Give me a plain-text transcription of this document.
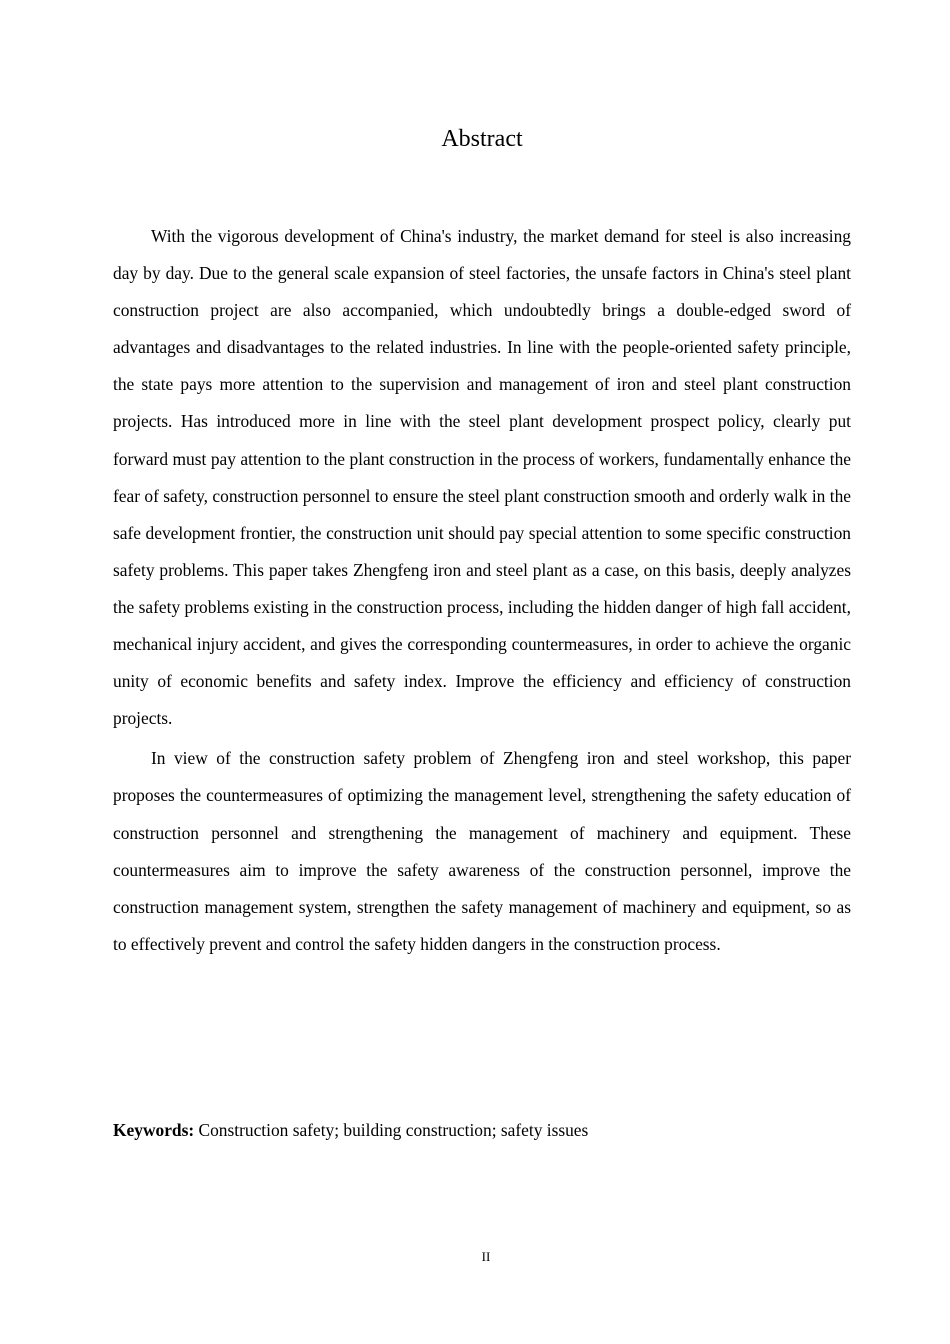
Abstract

With the vigorous development of China's industry, the market demand for steel is also increasing day by day. Due to the general scale expansion of steel factories, the unsafe factors in China's steel plant construction project are also accompanied, which undoubtedly brings a double-edged sword of advantages and disadvantages to the related industries. In line with the people-oriented safety principle, the state pays more attention to the supervision and management of iron and steel plant construction projects. Has introduced more in line with the steel plant development prospect policy, clearly put forward must pay attention to the plant construction in the process of workers, fundamentally enhance the fear of safety, construction personnel to ensure the steel plant construction smooth and orderly walk in the safe development frontier, the construction unit should pay special attention to some specific construction safety problems. This paper takes Zhengfeng iron and steel plant as a case, on this basis, deeply analyzes the safety problems existing in the construction process, including the hidden danger of high fall accident, mechanical injury accident, and gives the corresponding countermeasures, in order to achieve the organic unity of economic benefits and safety index. Improve the efficiency and efficiency of construction projects.

In view of the construction safety problem of Zhengfeng iron and steel workshop, this paper proposes the countermeasures of optimizing the management level, strengthening the safety education of construction personnel and strengthening the management of machinery and equipment. These countermeasures aim to improve the safety awareness of the construction personnel, improve the construction management system, strengthen the safety management of machinery and equipment, so as to effectively prevent and control the safety hidden dangers in the construction process.

Keywords: Construction safety; building construction; safety issues
II
